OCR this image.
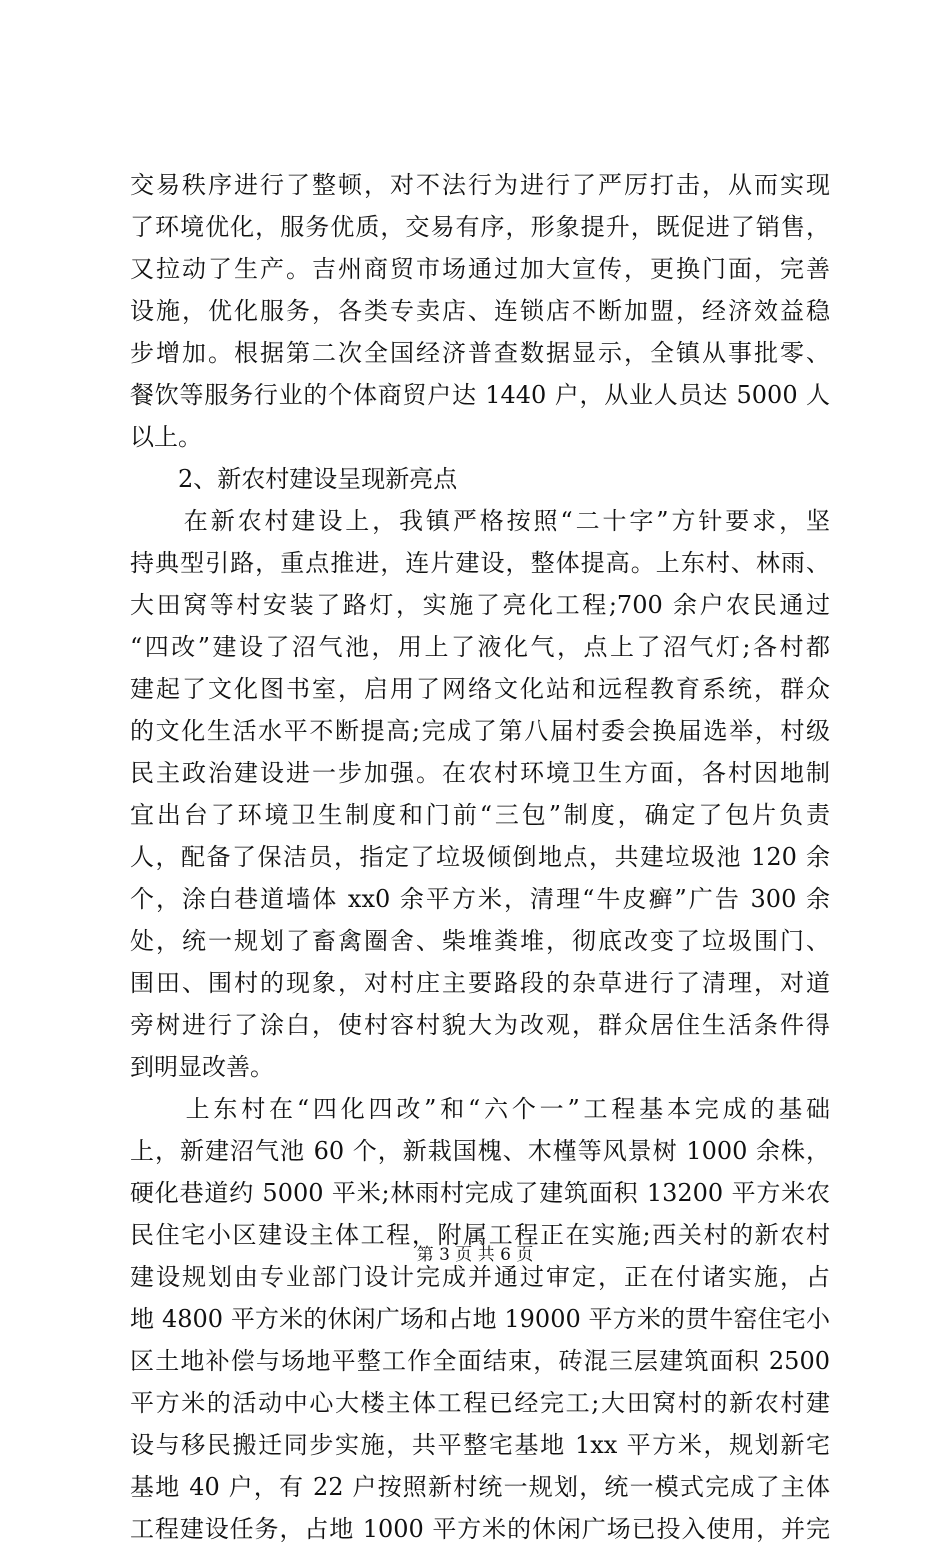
交易秩序进行了整顿，对不法行为进行了严厉打击，从而实现
了环境优化，服务优质，交易有序，形象提升，既促进了销售，
又拉动了生产。吉州商贸市场通过加大宣传，更换门面，完善
设施，优化服务，各类专卖店、连锁店不断加盟，经济效益稳
步增加。根据第二次全国经济普查数据显示，全镇从事批零、
餐饮等服务行业的个体商贸户达 1440 户，从业人员达 5000 人
以上。
　　2、新农村建设呈现新亮点
　　在新农村建设上，我镇严格按照“二十字”方针要求，坚
持典型引路，重点推进，连片建设，整体提高。上东村、林雨、
大田窝等村安装了路灯，实施了亮化工程;700 余户农民通过
“四改”建设了沼气池，用上了液化气，点上了沼气灯;各村都
建起了文化图书室，启用了网络文化站和远程教育系统，群众
的文化生活水平不断提高;完成了第八届村委会换届选举，村级
民主政治建设进一步加强。在农村环境卫生方面，各村因地制
宜出台了环境卫生制度和门前“三包”制度，确定了包片负责
人，配备了保洁员，指定了垃圾倾倒地点，共建垃圾池 120 余
个，涂白巷道墙体 xx0 余平方米，清理“牛皮癣”广告 300 余
处，统一规划了畜禽圈舍、柴堆粪堆，彻底改变了垃圾围门、
围田、围村的现象，对村庄主要路段的杂草进行了清理，对道
旁树进行了涂白，使村容村貌大为改观，群众居住生活条件得
到明显改善。
　　上东村在“四化四改”和“六个一”工程基本完成的基础
上，新建沼气池 60 个，新栽国槐、木槿等风景树 1000 余株，
硬化巷道约 5000 平米;林雨村完成了建筑面积 13200 平方米农
民住宅小区建设主体工程，附属工程正在实施;西关村的新农村
建设规划由专业部门设计完成并通过审定，正在付诸实施，占
地 4800 平方米的休闲广场和占地 19000 平方米的贯牛窑住宅小
区土地补偿与场地平整工作全面结束，砖混三层建筑面积 2500
平方米的活动中心大楼主体工程已经完工;大田窝村的新农村建
设与移民搬迁同步实施，共平整宅基地 1xx 平方米，规划新宅
基地 40 户，有 22 户按照新村统一规划，统一模式完成了主体
工程建设任务，占地 1000 平方米的休闲广场已投入使用，并完
第 3 页 共 6 页
